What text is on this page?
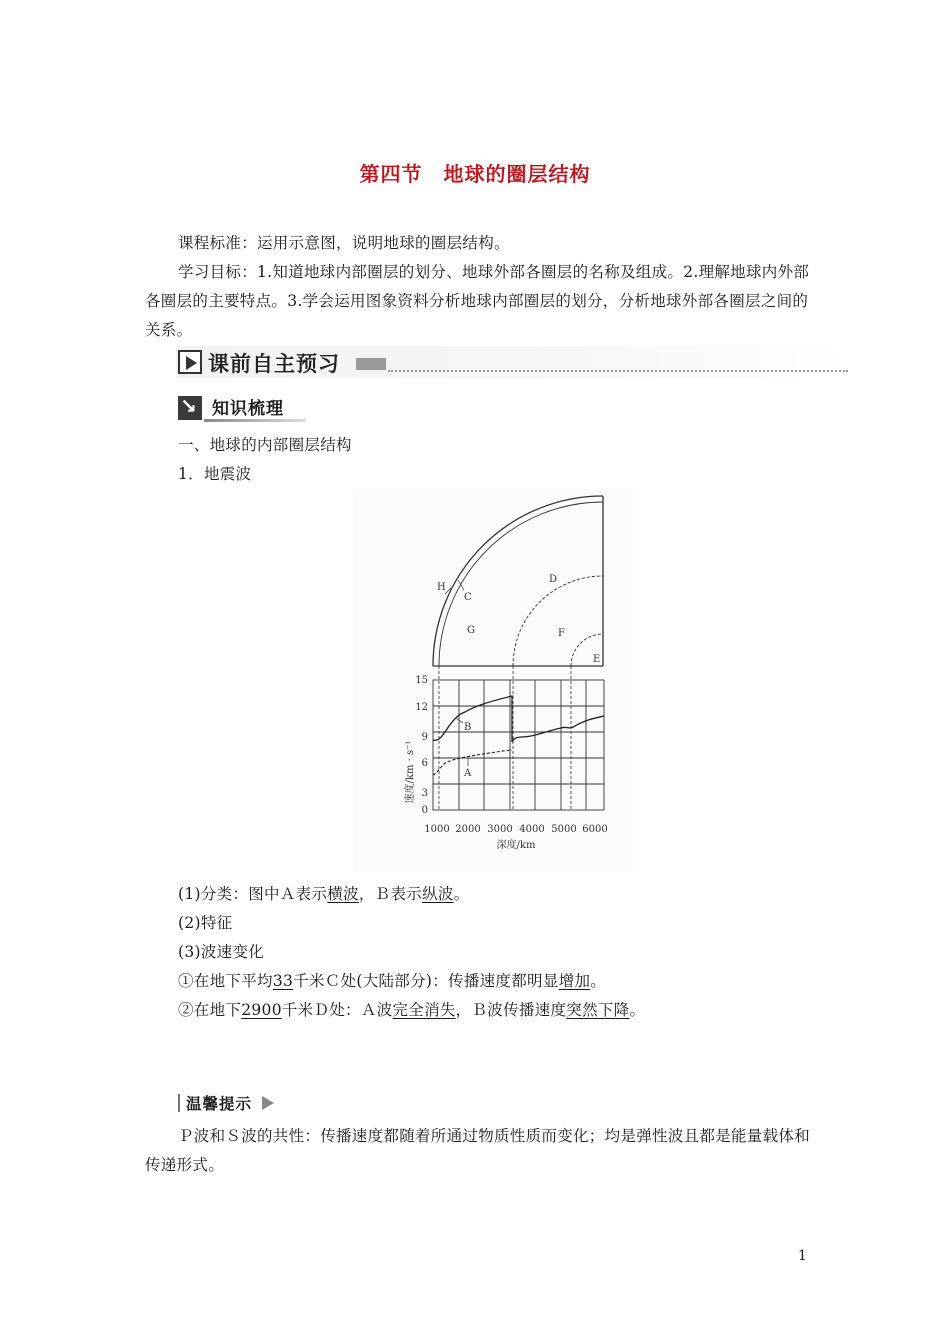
第四节　地球的圈层结构

课程标准：运用示意图，说明地球的圈层结构。

学习目标：1.知道地球内部圈层的划分、地球外部各圈层的名称及组成。2.理解地球内外部各圈层的主要特点。3.学会运用图象资料分析地球内部圈层的划分，分析地球外部各圈层之间的关系。

课前自主预习
↘
知识梳理
一、地球的内部圈层结构
1．地震波
H
C
G
D
F
E
B
A
0
3
6
9
12
15
1000 2000 3000 4000 5000 6000
深度/km
速度/km · s⁻¹
(1)分类：图中Ａ表示横波，Ｂ表示纵波。
(2)特征
(3)波速变化
①在地下平均33千米Ｃ处(大陆部分)：传播速度都明显增加。
②在地下2900千米Ｄ处：Ａ波完全消失，Ｂ波传播速度突然下降。
温馨提示

Ｐ波和Ｓ波的共性：传播速度都随着所通过物质性质而变化；均是弹性波且都是能量载体和传递形式。

1
